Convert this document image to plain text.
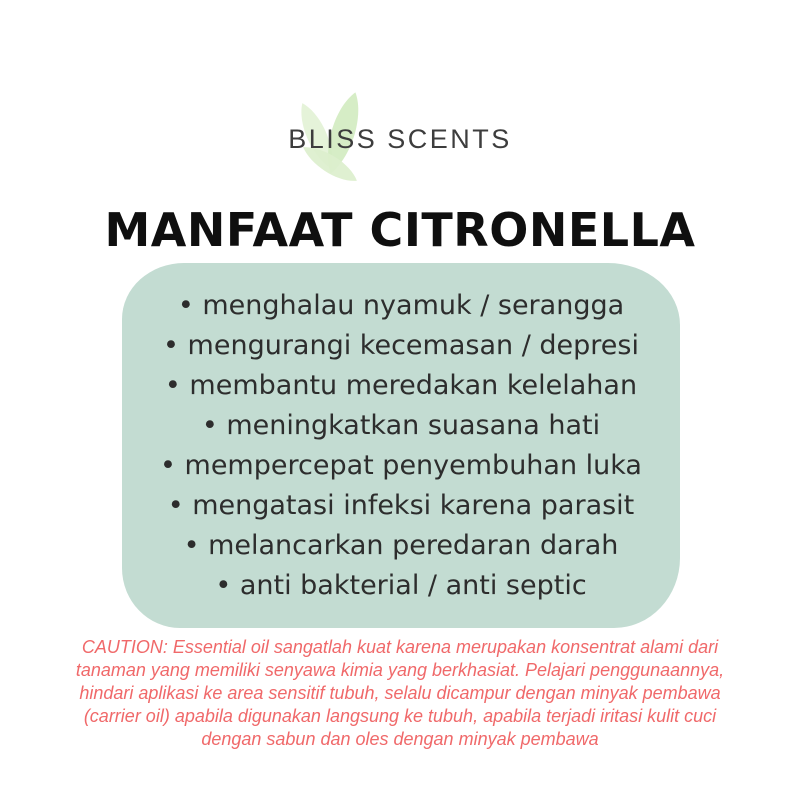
BLISS SCENTS
MANFAAT CITRONELLA
• menghalau nyamuk / serangga
• mengurangi kecemasan / depresi
• membantu meredakan kelelahan
• meningkatkan suasana hati
• mempercepat penyembuhan luka
• mengatasi infeksi karena parasit
• melancarkan peredaran darah
• anti bakterial / anti septic
CAUTION: Essential oil sangatlah kuat karena merupakan konsentrat alami dari tanaman yang memiliki senyawa kimia yang berkhasiat. Pelajari penggunaannya, hindari aplikasi ke area sensitif tubuh, selalu dicampur dengan minyak pembawa (carrier oil) apabila digunakan langsung ke tubuh, apabila terjadi iritasi kulit cuci dengan sabun dan oles dengan minyak pembawa
